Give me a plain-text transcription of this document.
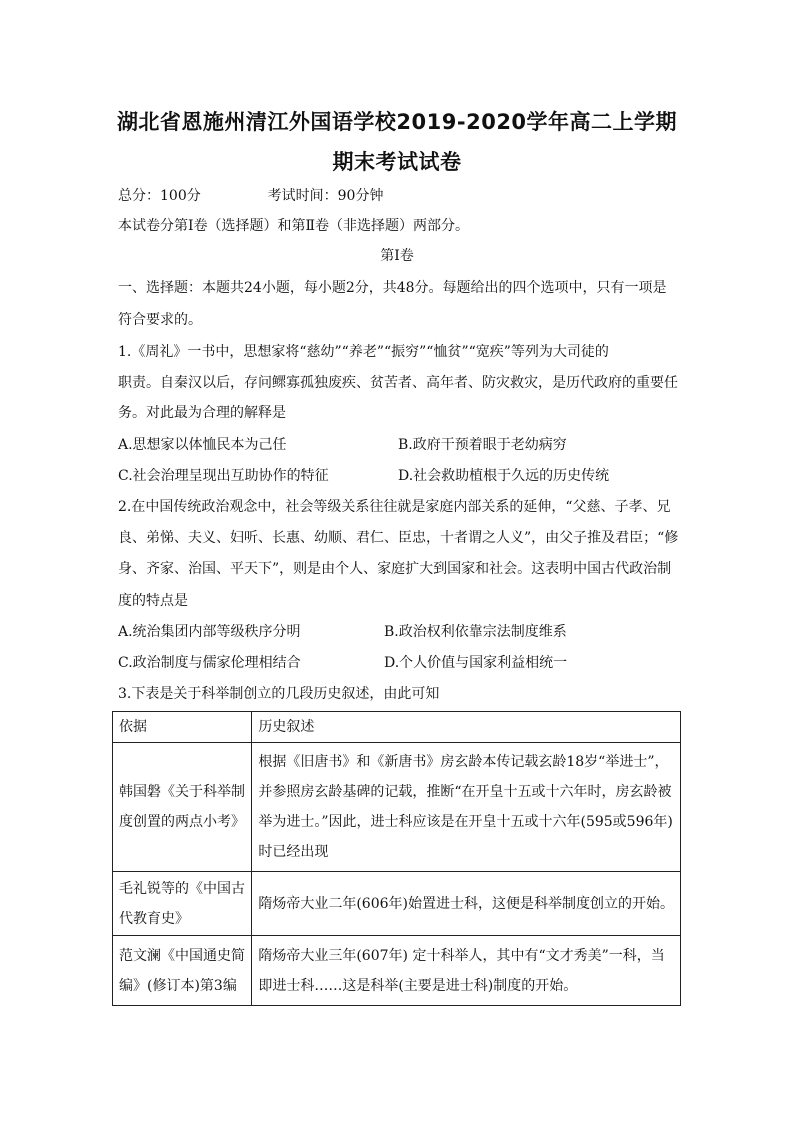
湖北省恩施州清江外国语学校2019-2020学年高二上学期
期末考试试卷
总分：100分	考试时间：90分钟
本试卷分第Ⅰ卷（选择题）和第Ⅱ卷（非选择题）两部分。
第Ⅰ卷
一、选择题：本题共24小题，每小题2分，共48分。每题给出的四个选项中，只有一项是
符合要求的。
1.《周礼》一书中，思想家将“慈幼”“养老”“振穷”“恤贫”“宽疾”等列为大司徒的
职责。自秦汉以后，存问鳏寡孤独废疾、贫苦者、高年者、防灾救灾，是历代政府的重要任
务。对此最为合理的解释是
A.思想家以体恤民本为己任	B.政府干预着眼于老幼病穷
C.社会治理呈现出互助协作的特征	D.社会救助植根于久远的历史传统
2.在中国传统政治观念中，社会等级关系往往就是家庭内部关系的延伸，“父慈、子孝、兄
良、弟悌、夫义、妇听、长惠、幼顺、君仁、臣忠，十者谓之人义”，由父子推及君臣；“修
身、齐家、治国、平天下”，则是由个人、家庭扩大到国家和社会。这表明中国古代政治制
度的特点是
A.统治集团内部等级秩序分明	B.政治权利依靠宗法制度维系
C.政治制度与儒家伦理相结合	D.个人价值与国家利益相统一
3.下表是关于科举制创立的几段历史叙述，由此可知
依据	历史叙述

韩国磐《关于科举制
度创置的两点小考》	根据《旧唐书》和《新唐书》房玄龄本传记载玄龄18岁“举进士”，
并参照房玄龄基碑的记载，推断“在开皇十五或十六年时，房玄龄被
举为进士。”因此，进士科应该是在开皇十五或十六年(595或596年)
时已经出现

毛礼锐等的《中国古
代教育史》	隋炀帝大业二年(606年)始置进士科，这便是科举制度创立的开始。

范文澜《中国通史简
编》(修订本)第3编	隋炀帝大业三年(607年) 定十科举人，其中有“文才秀美”一科，当
即进士科……这是科举(主要是进士科)制度的开始。
